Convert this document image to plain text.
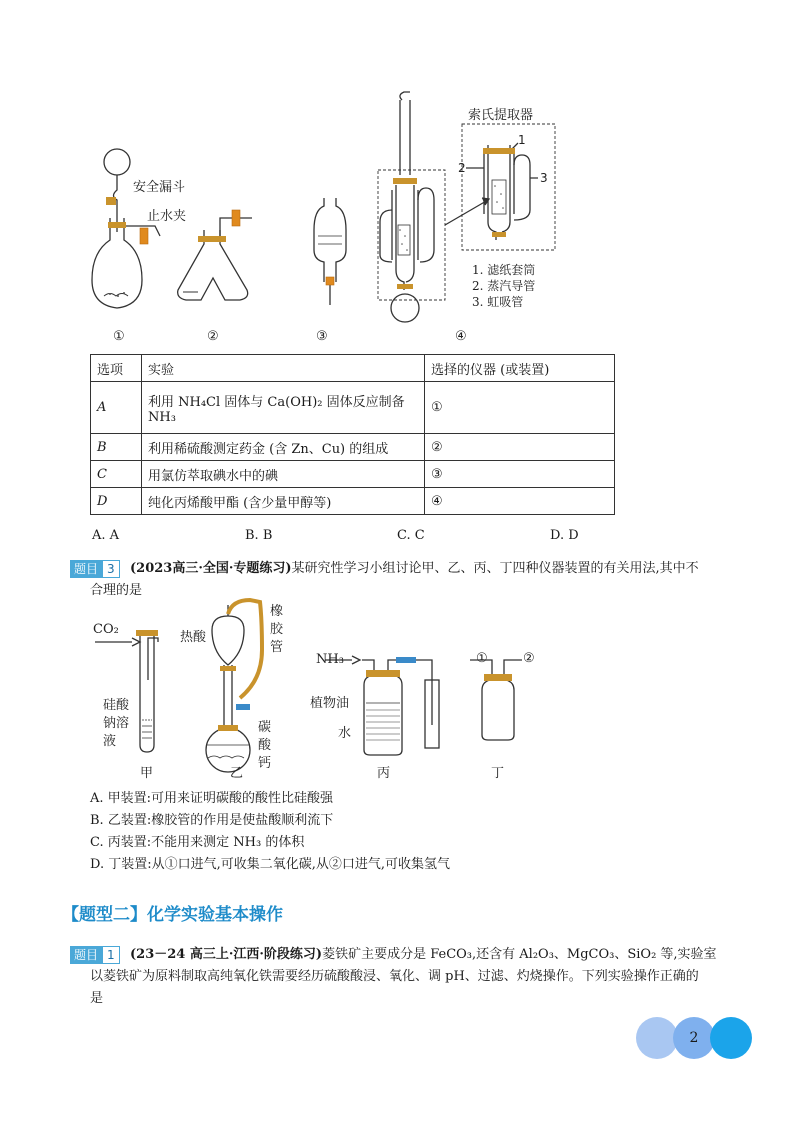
安全漏斗
止水夹
索氏提取器
2
1
3
1. 滤纸套筒
2. 蒸汽导管
3. 虹吸管
①	②	③	④
选项	实验	选择的仪器 (或装置)
A	利用 NH₄Cl 固体与 Ca(OH)₂ 固体反应制备 NH₃	①
B	利用稀硫酸测定药金 (含 Zn、Cu) 的组成	②
C	用氯仿萃取碘水中的碘	③
D	纯化丙烯酸甲酯 (含少量甲醇等)	④
A. A	B. B	C. C	D. D
题目 3	(2023高三·全国·专题练习)某研究性学习小组讨论甲、乙、丙、丁四种仪器装置的有关用法,其中不
合理的是
CO₂
硅酸
钠溶
液
热酸
橡
胶
管
碳
酸
钙
NH₃
植物油
水
①	②
甲	乙	丙	丁
A. 甲装置:可用来证明碳酸的酸性比硅酸强
B. 乙装置:橡胶管的作用是使盐酸顺利流下
C. 丙装置:不能用来测定 NH₃ 的体积
D. 丁装置:从①口进气,可收集二氧化碳,从②口进气,可收集氢气
【题型二】化学实验基本操作
题目 1	(23－24 高三上·江西·阶段练习)菱铁矿主要成分是 FeCO₃,还含有 Al₂O₃、MgCO₃、SiO₂ 等,实验室
以菱铁矿为原料制取高纯氧化铁需要经历硫酸酸浸、氧化、调 pH、过滤、灼烧操作。下列实验操作正确的
是
2
